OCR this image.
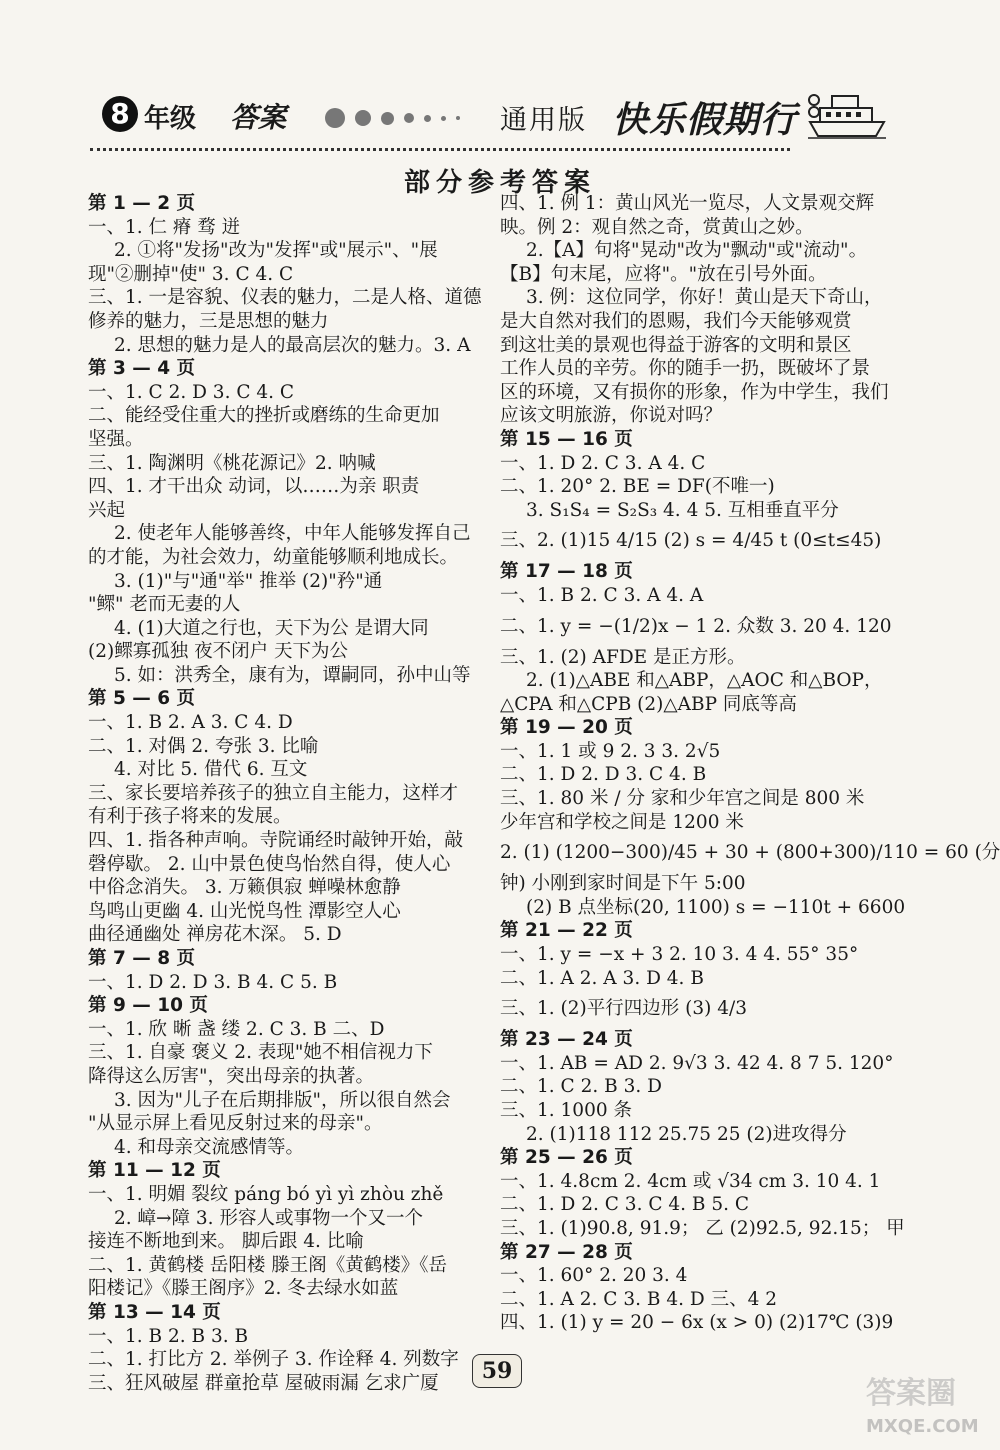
8 年级 答案	通用版 快乐假期行
部分参考答案
第 1 — 2 页
一、1. 仁 瘠 骛 迸
2. ①将"发扬"改为"发挥"或"展示"、"展
现"②删掉"使" 3. C 4. C
三、1. 一是容貌、仪表的魅力，二是人格、道德
修养的魅力，三是思想的魅力
2. 思想的魅力是人的最高层次的魅力。3. A
第 3 — 4 页
一、1. C 2. D 3. C 4. C
二、能经受住重大的挫折或磨练的生命更加
坚强。
三、1. 陶渊明《桃花源记》2. 呐喊
四、1. 才干出众 动词，以……为亲 职责
兴起
2. 使老年人能够善终，中年人能够发挥自己
的才能，为社会效力，幼童能够顺利地成长。
3. (1)"与"通"举" 推举 (2)"矜"通
"鳏" 老而无妻的人
4. (1)大道之行也，天下为公 是谓大同
(2)鳏寡孤独 夜不闭户 天下为公
5. 如：洪秀全，康有为，谭嗣同，孙中山等
第 5 — 6 页
一、1. B 2. A 3. C 4. D
二、1. 对偶 2. 夸张 3. 比喻
4. 对比 5. 借代 6. 互文
三、家长要培养孩子的独立自主能力，这样才
有利于孩子将来的发展。
四、1. 指各种声响。寺院诵经时敲钟开始，敲
磬停歇。 2. 山中景色使鸟怡然自得，使人心
中俗念消失。 3. 万籁俱寂 蝉噪林愈静
鸟鸣山更幽 4. 山光悦鸟性 潭影空人心
曲径通幽处 禅房花木深。 5. D
第 7 — 8 页
一、1. D 2. D 3. B 4. C 5. B
第 9 — 10 页
一、1. 欣 晰 盏 缕 2. C 3. B 二、D
三、1. 自豪 褒义 2. 表现"她不相信视力下
降得这么厉害"，突出母亲的执著。
3. 因为"儿子在后期排版"，所以很自然会
"从显示屏上看见反射过来的母亲"。
4. 和母亲交流感情等。
第 11 — 12 页
一、1. 明媚 裂纹 páng bó yì yì zhòu zhě
2. 嶂→障 3. 形容人或事物一个又一个
接连不断地到来。 脚后跟 4. 比喻
二、1. 黄鹤楼 岳阳楼 滕王阁《黄鹤楼》《岳
阳楼记》《滕王阁序》2. 冬去绿水如蓝
第 13 — 14 页
一、1. B 2. B 3. B
二、1. 打比方 2. 举例子 3. 作诠释 4. 列数字
三、狂风破屋 群童抢草 屋破雨漏 乞求广厦
四、1. 例 1：黄山风光一览尽，人文景观交辉
映。例 2：观自然之奇，赏黄山之妙。
2.【A】句将"晃动"改为"飘动"或"流动"。
【B】句末尾，应将"。"放在引号外面。
3. 例：这位同学，你好！黄山是天下奇山，
是大自然对我们的恩赐，我们今天能够观赏
到这壮美的景观也得益于游客的文明和景区
工作人员的辛劳。你的随手一扔，既破坏了景
区的环境，又有损你的形象，作为中学生，我们
应该文明旅游，你说对吗？
第 15 — 16 页
一、1. D 2. C 3. A 4. C
二、1. 20° 2. BE = DF(不唯一)
3. S₁S₄ = S₂S₃ 4. 4 5. 互相垂直平分
三、2. (1)15 4/15 (2) s = 4/45 t (0≤t≤45)
第 17 — 18 页
一、1. B 2. C 3. A 4. A
二、1. y = −(1/2)x − 1 2. 众数 3. 20 4. 120
三、1. (2) AFDE 是正方形。
2. (1)△ABE 和△ABP，△AOC 和△BOP，
△CPA 和△CPB (2)△ABP 同底等高
第 19 — 20 页
一、1. 1 或 9 2. 3 3. 2√5
二、1. D 2. D 3. C 4. B
三、1. 80 米 / 分 家和少年宫之间是 800 米
少年宫和学校之间是 1200 米
2. (1) (1200−300)/45 + 30 + (800+300)/110 = 60 (分
钟) 小刚到家时间是下午 5:00
(2) B 点坐标(20, 1100) s = −110t + 6600
第 21 — 22 页
一、1. y = −x + 3 2. 10 3. 4 4. 55° 35°
二、1. A 2. A 3. D 4. B
三、1. (2)平行四边形 (3) 4/3
第 23 — 24 页
一、1. AB = AD 2. 9√3 3. 42 4. 8 7 5. 120°
二、1. C 2. B 3. D
三、1. 1000 条
2. (1)118 112 25.75 25 (2)进攻得分
第 25 — 26 页
一、1. 4.8cm 2. 4cm 或 √34 cm 3. 10 4. 1
二、1. D 2. C 3. C 4. B 5. C
三、1. (1)90.8, 91.9； 乙 (2)92.5, 92.15； 甲
第 27 — 28 页
一、1. 60° 2. 20 3. 4
二、1. A 2. C 3. B 4. D 三、4 2
四、1. (1) y = 20 − 6x (x > 0) (2)17℃ (3)9
59
答案圈
MXQE.COM
